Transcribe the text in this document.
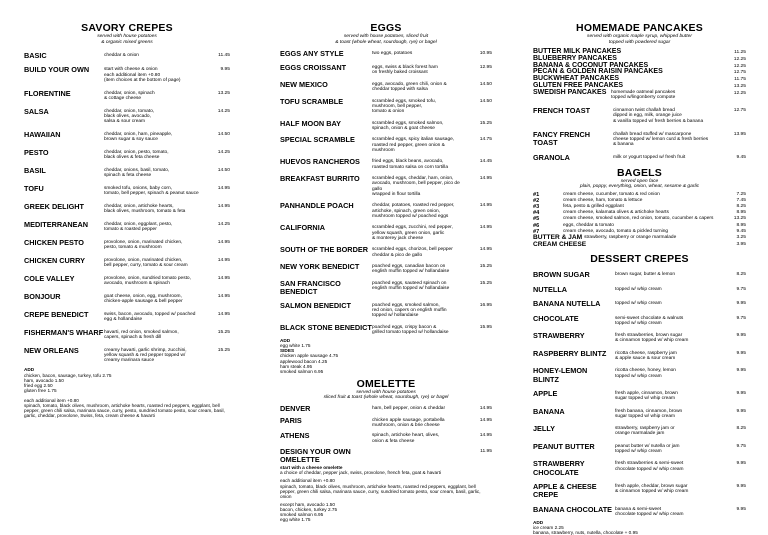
SAVORY CREPES
served with house potatoes
& organic mixed greens
BASIC	cheddar & onion	11.45
BUILD YOUR OWN	start with cheese & onion
each additional item +0.80
(item choices at the bottom of page)
9.95
FLORENTINE	cheddar, onion, spinach
& cottage cheese
13.25
SALSA	cheddar, onion, tomato,
black olives, avocado,
salsa & sour cream
14.25
HAWAIIAN	cheddar, onion, ham, pineapple,
brown sugar & soy sauce
14.50
PESTO	cheddar, onion, pesto, tomato,
black olives & feta cheese
14.25
BASIL	cheddar, onions, basil, tomato,
spinach & feta cheese
14.50
TOFU	smoked tofu, onions, baby corn,
tomato, bell pepper, spinach & peanut sauce
14.95
GREEK DELIGHT	cheddar, onion, artichoke hearts,
black olives, mushroom, tomato & feta
14.95
MEDITERRANEAN	cheddar, onion, eggplant, pesto,
tomato & roasted pepper
14.25
CHICKEN PESTO	provolone, onion, marinated chicken,
pesto, tomato & mushroom
14.95
CHICKEN CURRY	provolone, onion, marinated chicken,
bell pepper, curry, tomato & sour cream
14.95
COLE VALLEY	provolone, onion, sundried tomato pesto,
avocado, mushroom & spinach
14.95
BONJOUR	goat cheese, onion, egg, mushroom,
chicken-apple sausage & bell pepper
14.95
CREPE BENEDICT	swiss, bacon, avocado, topped w/ poached
egg & hollandaise
14.95
FISHERMAN'S WHARF havarti, red onion, smoked salmon,
capers, spinach & fresh dill
15.25
NEW ORLEANS	creamy havarti, garlic shrimp, zucchini,
yellow squash & red pepper topped w/
creamy marinara sauce
15.25
ADD
chicken, bacon, sausage, turkey, tofu 2.75
ham, avocado 1.50
fried egg 2.50
gluten free 1.75
each additional item +0.80
spinach, tomato, black olives, mushroom, artichoke hearts, roasted red peppers, eggplant, bell pepper, green chili salsa, marinara sauce, curry, pesto, sundried tomato pesto, sour cream, basil, garlic, cheddar, provolone, Swiss, feta, cream cheese & havarti
EGGS
served with house potatoes, sliced fruit
& toast (whole wheat, sourdough, rye) or bagel
EGGS ANY STYLE	two eggs, potatoes	10.95
EGGS CROISSANT	eggs, swiss & black forest ham
on freshly baked croissant
12.95
NEW MEXICO	eggs, avocado, green chili, onion &
cheddar topped with salsa
14.50
TOFU SCRAMBLE	scrambled eggs, smoked tofu,
mushroom, bell pepper,
tomato & onion
14.50
HALF MOON BAY	scrambled eggs, smoked salmon,
spinach, onion & goat cheese
15.25
SPECIAL SCRAMBLE	scrambled eggs, spicy italian sausage,
roasted red pepper, green onion &
mushroom
14.75
HUEVOS RANCHEROS	fried eggs, black beans, avocado,
roasted tomato salsa on corn tortilla
14.45
BREAKFAST BURRITO	scrambled eggs, cheddar, ham, onion,
avocado, mushroom, bell pepper, pico de gallo
wrapped in flour tortilla
14.95
PANHANDLE POACH	cheddar, potatoes, roasted red pepper,
artichoke, spinach, green onion,
mushroom topped w/ poached eggs
14.95
CALIFORNIA	scrambled eggs, zucchini, red pepper,
yellow squash, green onion, garlic
& monterey jack cheese
14.95
SOUTH OF THE BORDER scrambled eggs, chorizos, bell pepper
cheddar & pico de gallo
14.95
NEW YORK BENEDICT	poached eggs, canadian bacon on
english muffin topped w/ hollandaise
15.25
SAN FRANCISCO BENEDICT
poached eggs, sauteed spinach on
english muffin topped w/ hollandaise
15.25
SALMON BENEDICT	poached eggs, smoked salmon,
red onion, capers on english muffin
topped w/ hollandaise
16.95
BLACK STONE BENEDICT poached eggs, crispy bacon &
grilled tomato topped w/ hollandaise
15.95
ADD
egg white 1.75
SIDES
chicken apple sausage 4.75
applewood bacon 4.25
ham steak 4.95
smoked salmon 6.95
OMELETTE
served with house potatoes
sliced fruit & toast (whole wheat, sourdough, rye) or bagel
DENVER	ham, bell pepper, onion & cheddar	14.95
PARIS	chicken apple sausage, portabella
mushroom, onion & brie cheese
14.95
ATHENS	spinach, artichoke heart, olives,
onion & feta cheese
14.95
DESIGN YOUR OWN OMELETTE
11.95
start with a cheese omelette
a choice of cheddar, pepper jack, swiss, provolone, french feta, goat & havarti
each additional item +0.80
spinach, tomato, black olives, mushroom, artichoke hearts, roasted red peppers, eggplant, bell pepper, green chili salsa, marinara sauce, curry, sundried tomato pesto, sour cream, basil, garlic, onion
except ham, avocado 1.50
bacon, chicken, turkey 2.75
smoked salmon 6.95
egg white 1.75
HOMEMADE PANCAKES
served with organic maple syrup, whipped butter
topped with powdered sugar
BUTTER MILK PANCAKES	11.25
BLUEBERRY PANCAKES	12.25
BANANA & COCONUT PANCAKES	12.25
PECAN & GOLDEN RAISIN PANCAKES	12.75
BUCKWHEAT PANCAKES	11.75
GLUTEN FREE PANCAKES	13.25
SWEDISH PANCAKES homemade oatmeal pancakes
topped w/lingonberry compote
12.25
FRENCH TOAST	cinnamon twist challah bread
dipped in egg, milk, orange juice
& vanilla topped w/ fresh berries & banana
12.75
FANCY FRENCH TOAST
challah bread stuffed w/ mascarpone
cheese topped w/ lemon curd & fresh berries
& banana
13.95
GRANOLA	milk or yogurt topped w/ fresh fruit	9.45
BAGELS
served open face
plain, poppy, everything, onion, wheat, sesame & garlic
#1	cream cheese, cucumber, tomato & red onion	7.25
#2	cream cheese, ham, tomato & lettuce	7.45
#3	feta, pesto & grilled eggplant	8.25
#4	cream cheese, kalamata olives & artichoke hearts	8.95
#5	cream cheese, smoked salmon, red onion, tomato, cucumber & capers	13.25
#6	eggs, cheddar & tomato	8.95
#7	cream cheese, avocado, tomato & pickled turning	9.45
BUTTER & JAM strawberry, raspberry or orange marmalade	3.25
CREAM CHEESE	3.95
DESSERT CREPES
BROWN SUGAR	brown sugar, butter & lemon	8.25
NUTELLA	topped w/ whip cream	9.75
BANANA NUTELLA	topped w/ whip cream	9.95
CHOCOLATE	semi-sweet chocolate & walnuts
topped w/ whip cream
9.75
STRAWBERRY	fresh strawberries, brown sugar
& cinnamon topped w/ whip cream
9.95
RASPBERRY BLINTZ	ricotta cheese, raspberry jam
& apple sauce & sour cream
9.95
HONEY-LEMON BLINTZ
ricotta cheese, honey, lemon
topped w/ whip cream
9.95
APPLE	fresh apple, cinnamon, brown
sugar topped w/ whip cream
9.95
BANANA	fresh banana, cinnamon, brown
sugar topped w/ whip cream
9.95
JELLY	strawberry, raspberry jam or
orange marmalade jam
8.25
PEANUT BUTTER	peanut butter w/ nutella or jam
topped w/ whip cream
9.75
STRAWBERRY CHOCOLATE
fresh strawberries & semi-sweet
chocolate topped w/ whip cream
9.95
APPLE & CHEESE CREPE
fresh apple, cheddar, brown sugar
& cinnamon topped w/ whip cream
9.95
BANANA CHOCOLATE banana & semi-sweet
chocolate topped w/ whip cream
9.95
ADD
ice cream 2.25
banana, strawberry, nuts, nutella, chocolate + 0.95
